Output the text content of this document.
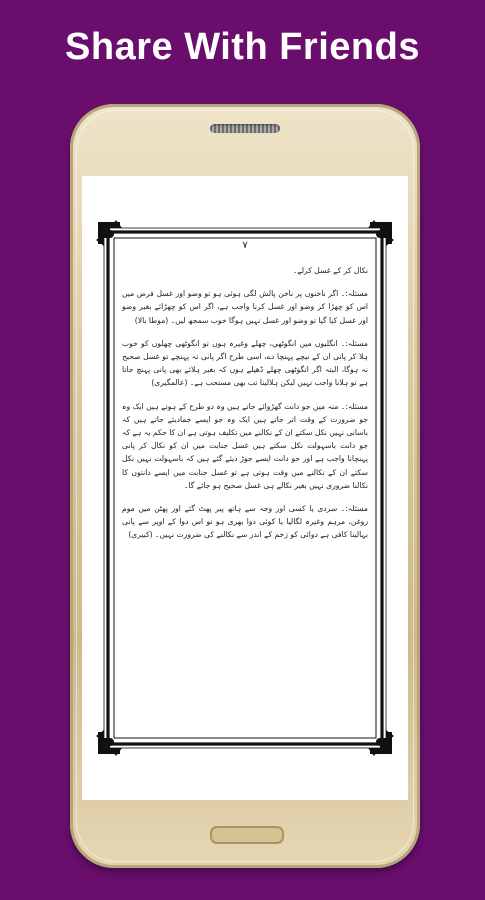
Share With Friends
۷

نکال کر کے غسل کرلے۔

مسئلہ:۔ اگر ناخنوں پر ناخن پالش لگی ہوئی ہو تو وضو اور غسل فرض میں اس کو چھڑا کر وضو اور غسل کرنا واجب ہے، اگر اس کو چھڑائے بغیر وضو اور غسل کیا گیا تو وضو اور غسل نہیں ہوگا خوب سمجھ لیں۔ (موطا بالا)

مسئلہ:۔ انگلیوں میں انگوٹھی، چھلے وغیرہ ہوں تو انگوٹھی چھلوں کو خوب ہلا کر پانی ان کے نیچے پہنچا دے، اسی طرح اگر پانی نہ پہنچے تو غسل صحیح نہ ہوگا، البتہ اگر انگوٹھی چھلے ڈھیلے ہوں کہ بغیر ہلائے بھی پانی پہنچ جاتا ہے تو ہلانا واجب نہیں لیکن ہلالینا تب بھی مستحب ہے۔ (عالمگیری)

مسئلہ:۔ منہ میں جو دانت گھڑوائے جاتے ہیں وہ دو طرح کے ہوتے ہیں ایک وہ جو ضرورت کے وقت اتر جاتے ہیں ایک وہ جو ایسے جمادیئے جاتے ہیں کہ باسانی نہیں نکل سکتے ان کے نکالنے میں تکلیف ہوتی ہے ان کا حکم یہ ہے کہ جو دانت باسہولت نکل سکتے ہیں غسل جنابت میں ان کو نکال کر پانی پہنچانا واجب ہے اور جو دانت ایسے جوڑ دیئے گئے ہیں کہ باسہولت نہیں نکل سکتے ان کے نکالنے میں وقت ہوتی ہے تو غسل جنابت میں ایسے دانتوں کا نکالنا ضروری نہیں بغیر نکالے ہی غسل صحیح ہو جائے گا۔

مسئلہ:۔ سردی یا کسی اور وجہ سے ہاتھ پیر پھٹ گئے اور پھٹن میں موم روغن، مرہم وغیرہ لگالیا یا کوئی دوا بھری ہو تو اس دوا کے اوپر سے پانی بہالینا کافی ہے دوائی کو زخم کے اندر سے نکالنے کی ضرورت نہیں۔ (کبیری)
